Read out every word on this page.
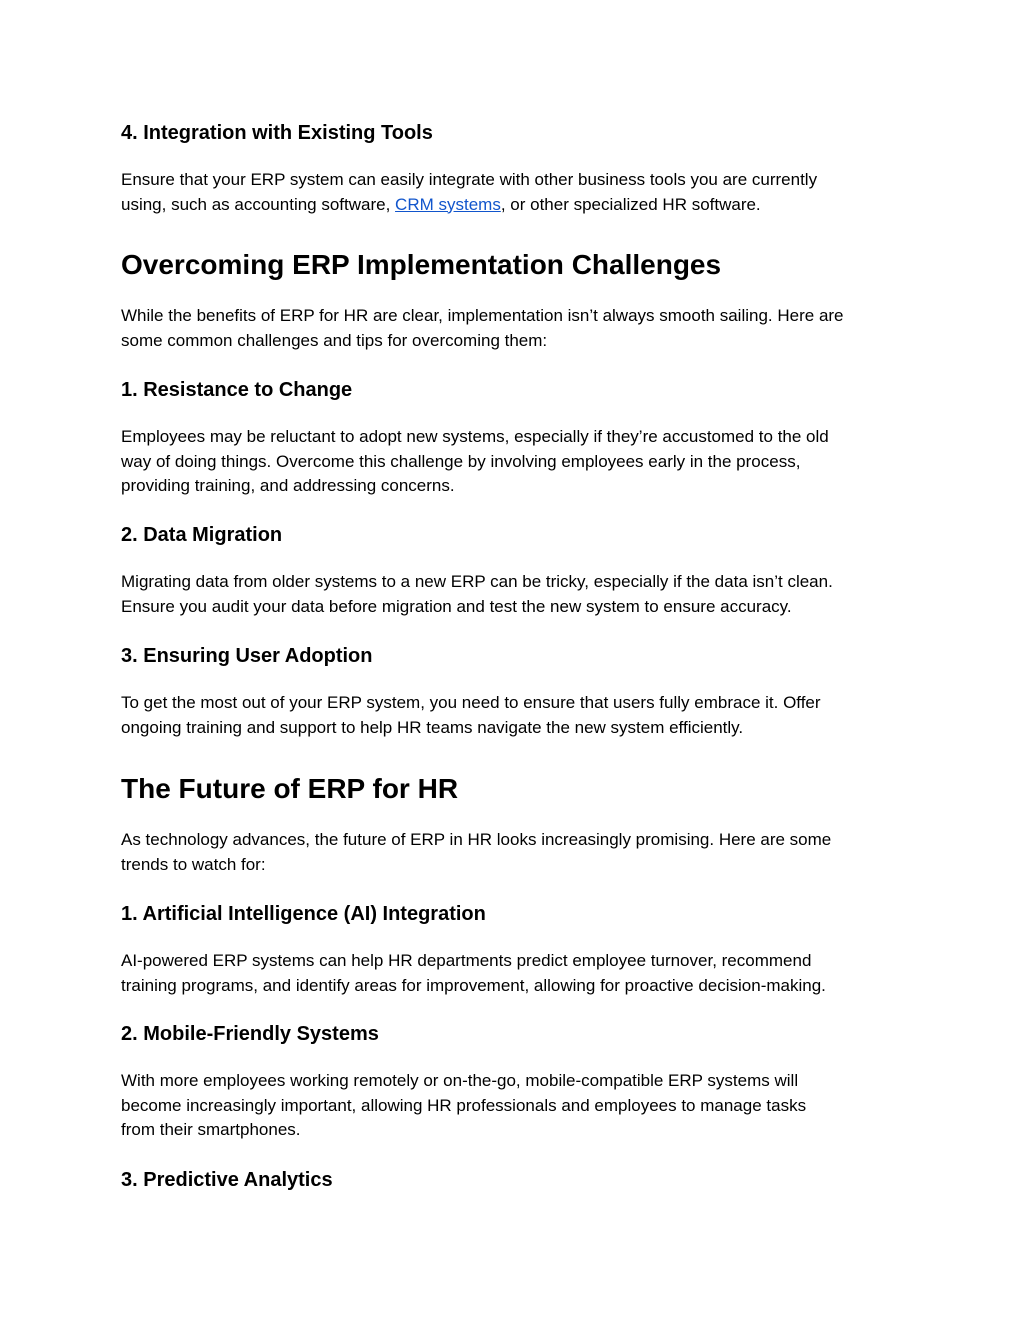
4. Integration with Existing Tools
Ensure that your ERP system can easily integrate with other business tools you are currently
using, such as accounting software, CRM systems, or other specialized HR software.
Overcoming ERP Implementation Challenges
While the benefits of ERP for HR are clear, implementation isn’t always smooth sailing. Here are
some common challenges and tips for overcoming them:
1. Resistance to Change
Employees may be reluctant to adopt new systems, especially if they’re accustomed to the old
way of doing things. Overcome this challenge by involving employees early in the process,
providing training, and addressing concerns.
2. Data Migration
Migrating data from older systems to a new ERP can be tricky, especially if the data isn’t clean.
Ensure you audit your data before migration and test the new system to ensure accuracy.
3. Ensuring User Adoption
To get the most out of your ERP system, you need to ensure that users fully embrace it. Offer
ongoing training and support to help HR teams navigate the new system efficiently.
The Future of ERP for HR
As technology advances, the future of ERP in HR looks increasingly promising. Here are some
trends to watch for:
1. Artificial Intelligence (AI) Integration
AI-powered ERP systems can help HR departments predict employee turnover, recommend
training programs, and identify areas for improvement, allowing for proactive decision-making.
2. Mobile-Friendly Systems
With more employees working remotely or on-the-go, mobile-compatible ERP systems will
become increasingly important, allowing HR professionals and employees to manage tasks
from their smartphones.
3. Predictive Analytics
